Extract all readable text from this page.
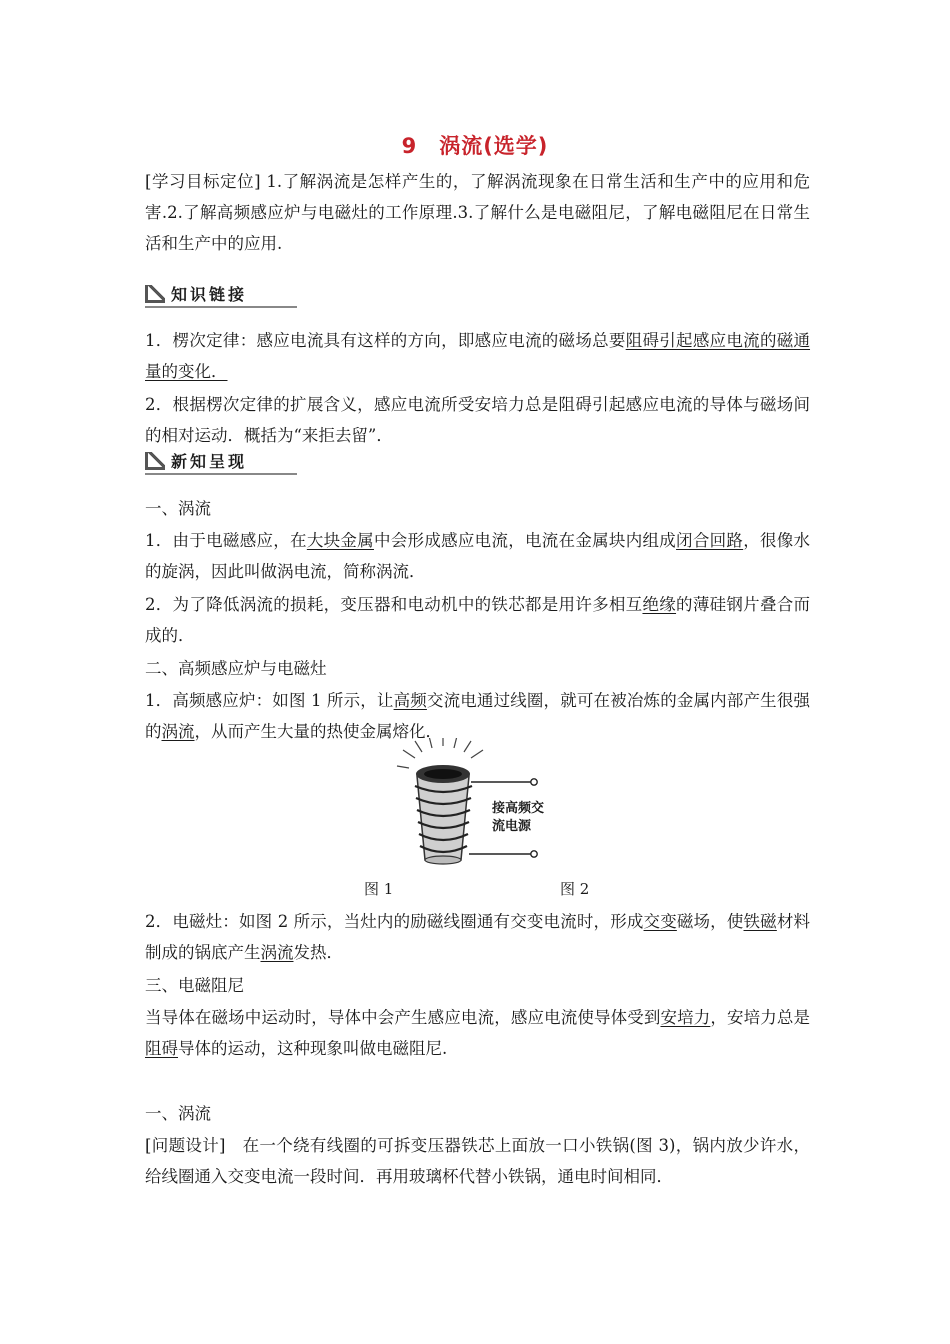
9 涡流(选学)
[学习目标定位] 1.了解涡流是怎样产生的，了解涡流现象在日常生活和生产中的应用和危害.2.了解高频感应炉与电磁灶的工作原理.3.了解什么是电磁阻尼，了解电磁阻尼在日常生活和生产中的应用.
知识链接
1．楞次定律：感应电流具有这样的方向，即感应电流的磁场总要阻碍引起感应电流的磁通量的变化．
2．根据楞次定律的扩展含义，感应电流所受安培力总是阻碍引起感应电流的导体与磁场间的相对运动．概括为“来拒去留”．
新知呈现
一、涡流
1．由于电磁感应，在大块金属中会形成感应电流，电流在金属块内组成闭合回路，很像水的旋涡，因此叫做涡电流，简称涡流．
2．为了降低涡流的损耗，变压器和电动机中的铁芯都是用许多相互绝缘的薄硅钢片叠合而成的．
二、高频感应炉与电磁灶
1．高频感应炉：如图 1 所示，让高频交流电通过线圈，就可在被冶炼的金属内部产生很强的涡流，从而产生大量的热使金属熔化．
接高频交
流电源
图 1	图 2
2．电磁灶：如图 2 所示，当灶内的励磁线圈通有交变电流时，形成交变磁场，使铁磁材料制成的锅底产生涡流发热．
三、电磁阻尼
当导体在磁场中运动时，导体中会产生感应电流，感应电流使导体受到安培力，安培力总是阻碍导体的运动，这种现象叫做电磁阻尼.
一、涡流
[问题设计]　在一个绕有线圈的可拆变压器铁芯上面放一口小铁锅(图 3)，锅内放少许水，给线圈通入交变电流一段时间．再用玻璃杯代替小铁锅，通电时间相同．
